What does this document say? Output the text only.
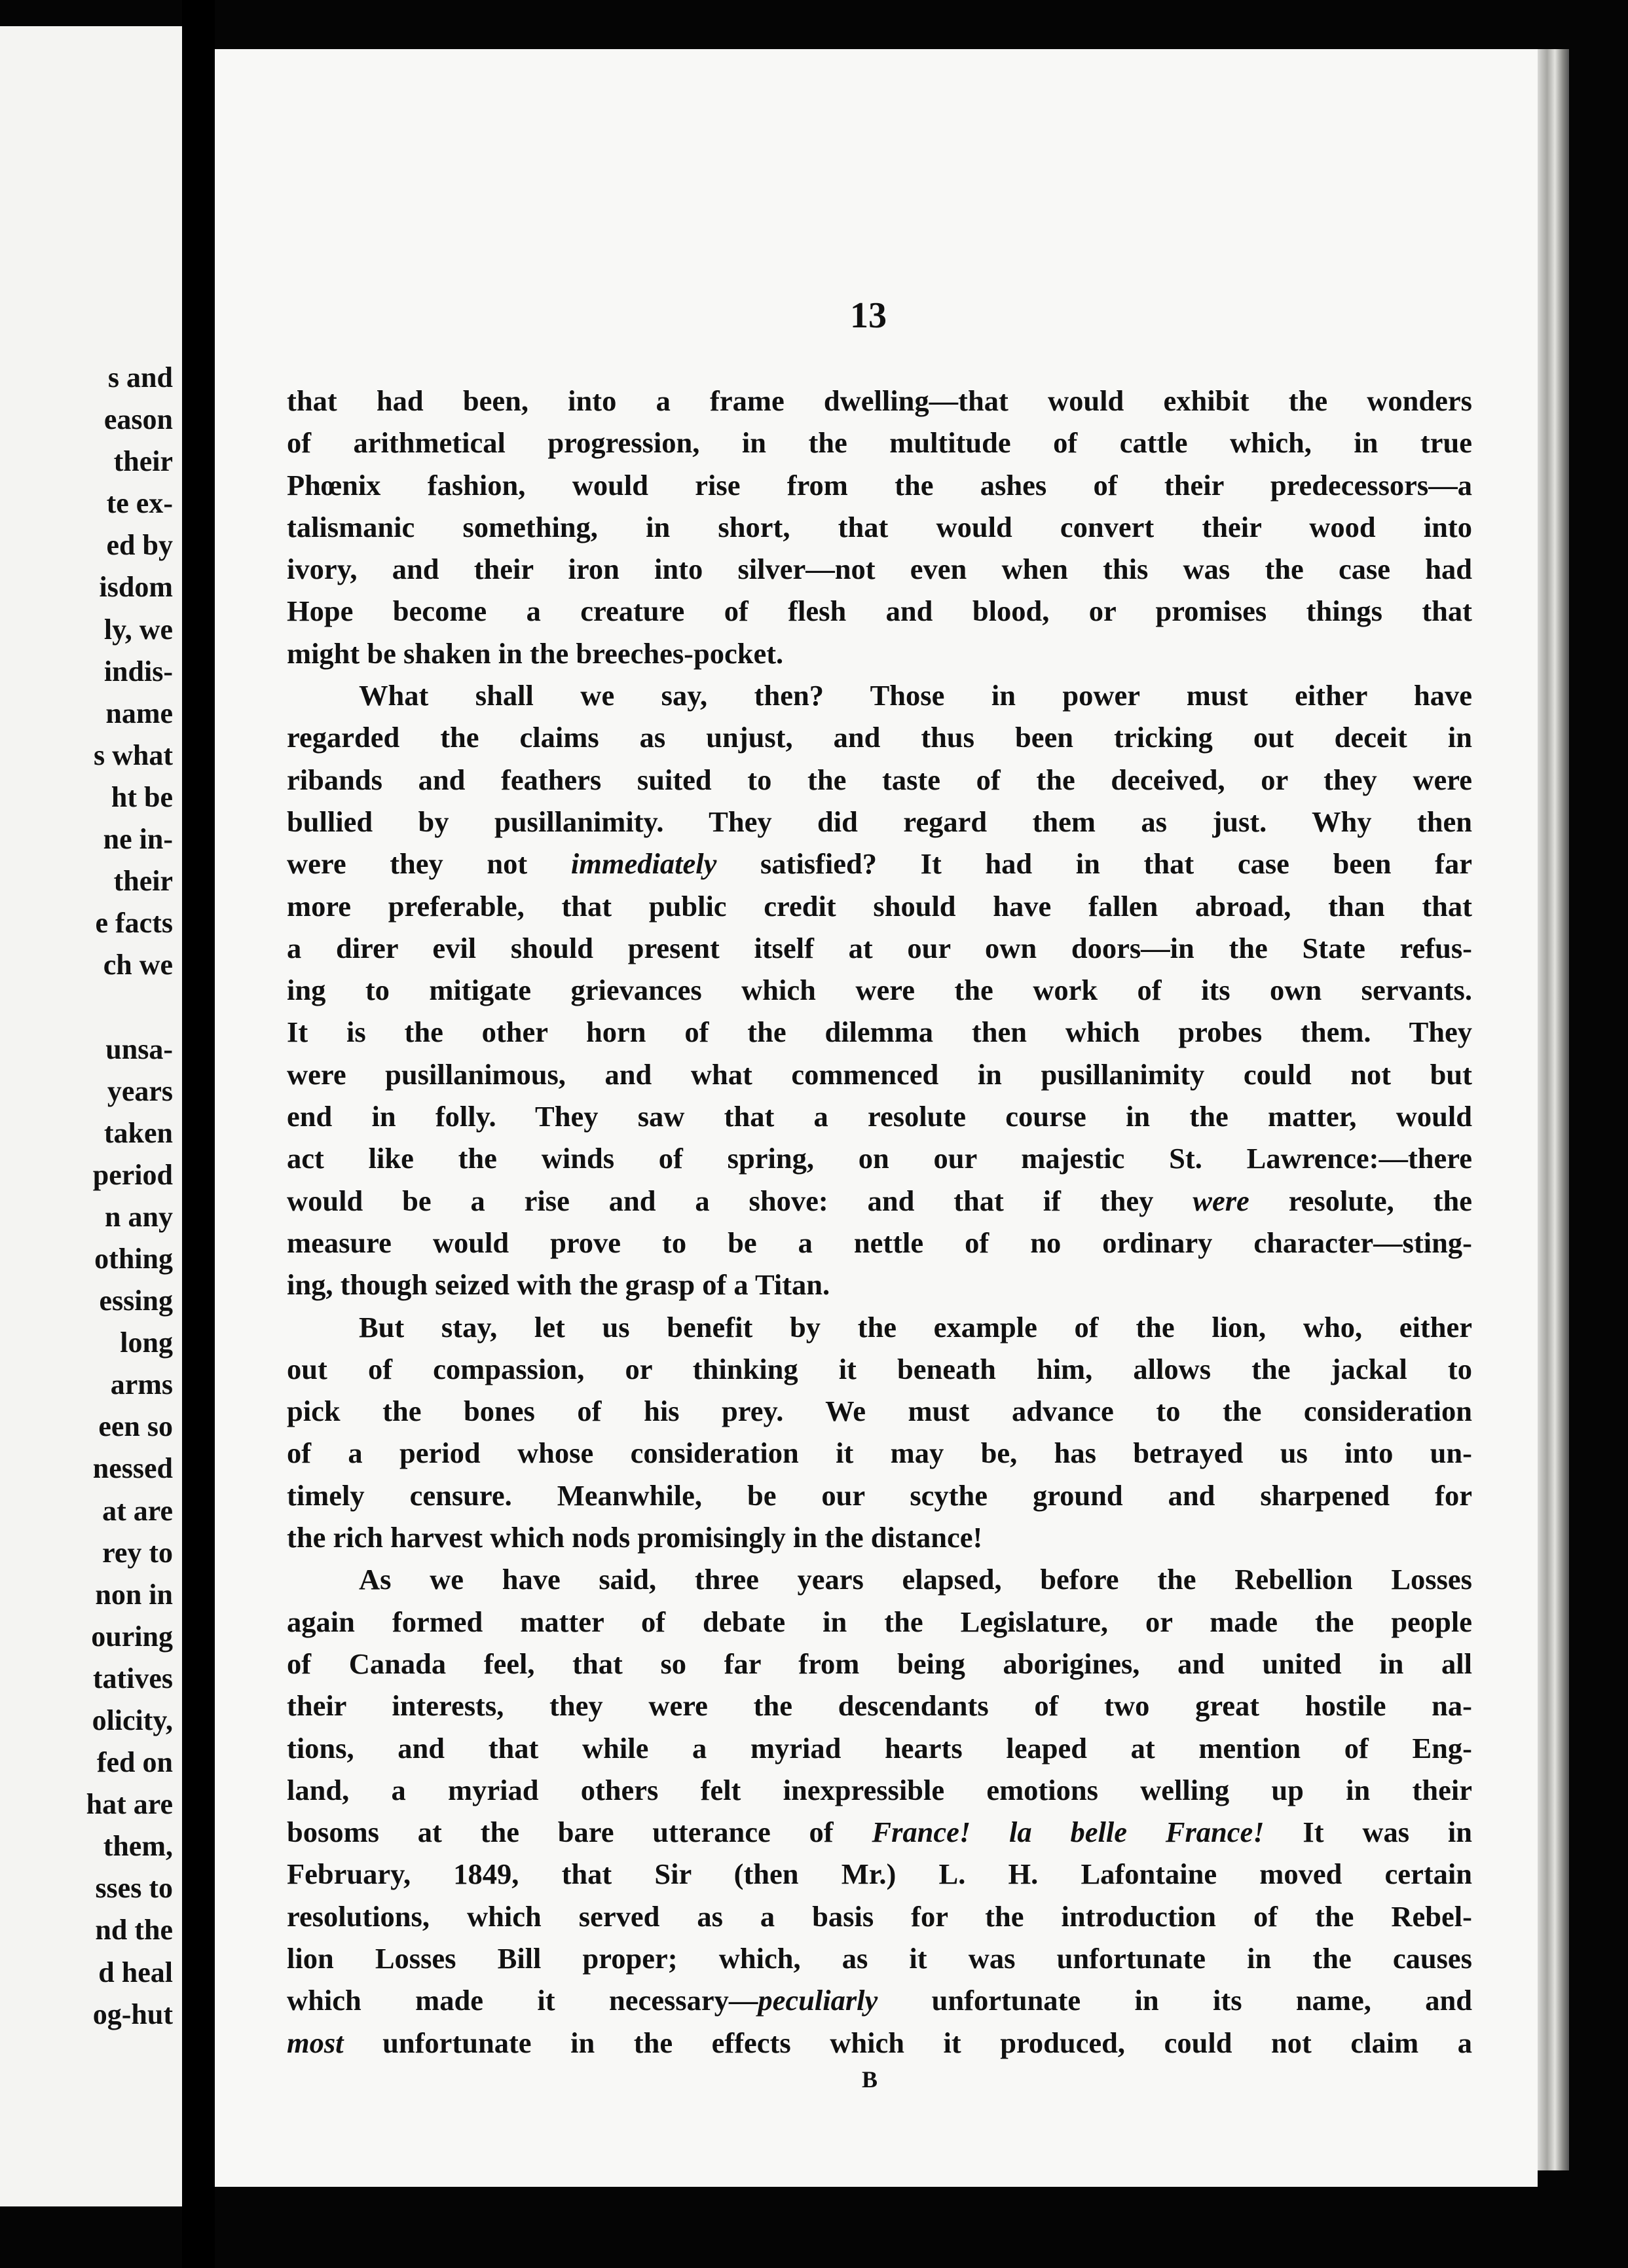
s and
eason
their
te ex-
ed by
isdom
ly, we
indis-
name
s what
ht be
ne in-
their
e facts
ch we

unsa-
years
taken
period
n any
othing
essing
long
arms
een so
nessed
at are
rey to
non in
ouring
tatives
olicity,
fed on
hat are
them,
sses to
nd the
d heal
og-hut
13
that had been, into a frame dwelling—that would exhibit the wonders
of arithmetical progression, in the multitude of cattle which, in true
Phœnix fashion, would rise from the ashes of their predecessors—a
talismanic something, in short, that would convert their wood into
ivory, and their iron into silver—not even when this was the case had
Hope become a creature of flesh and blood, or promises things that
might be shaken in the breeches-pocket.
What shall we say, then? Those in power must either have
regarded the claims as unjust, and thus been tricking out deceit in
ribands and feathers suited to the taste of the deceived, or they were
bullied by pusillanimity. They did regard them as just. Why then
were they not immediately satisfied? It had in that case been far
more preferable, that public credit should have fallen abroad, than that
a direr evil should present itself at our own doors—in the State refus-
ing to mitigate grievances which were the work of its own servants.
It is the other horn of the dilemma then which probes them. They
were pusillanimous, and what commenced in pusillanimity could not but
end in folly. They saw that a resolute course in the matter, would
act like the winds of spring, on our majestic St. Lawrence:—there
would be a rise and a shove: and that if they were resolute, the
measure would prove to be a nettle of no ordinary character—sting-
ing, though seized with the grasp of a Titan.
But stay, let us benefit by the example of the lion, who, either
out of compassion, or thinking it beneath him, allows the jackal to
pick the bones of his prey. We must advance to the consideration
of a period whose consideration it may be, has betrayed us into un-
timely censure. Meanwhile, be our scythe ground and sharpened for
the rich harvest which nods promisingly in the distance!
As we have said, three years elapsed, before the Rebellion Losses
again formed matter of debate in the Legislature, or made the people
of Canada feel, that so far from being aborigines, and united in all
their interests, they were the descendants of two great hostile na-
tions, and that while a myriad hearts leaped at mention of Eng-
land, a myriad others felt inexpressible emotions welling up in their
bosoms at the bare utterance of France! la belle France! It was in
February, 1849, that Sir (then Mr.) L. H. Lafontaine moved certain
resolutions, which served as a basis for the introduction of the Rebel-
lion Losses Bill proper; which, as it was unfortunate in the causes
which made it necessary—peculiarly unfortunate in its name, and
most unfortunate in the effects which it produced, could not claim a
B
